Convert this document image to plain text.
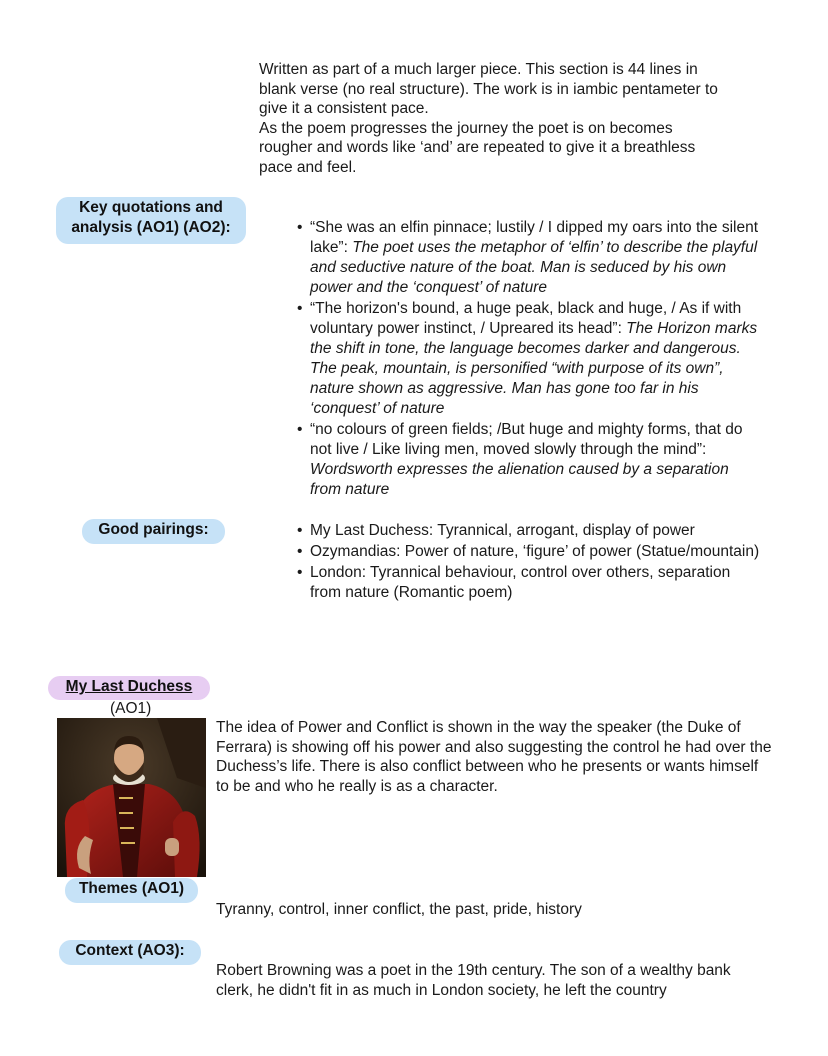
Written as part of a much larger piece. This section is 44 lines in

blank verse (no real structure). The work is in iambic pentameter to

give it a consistent pace.

As the poem progresses the journey the poet is on becomes

rougher and words like ‘and’ are repeated to give it a breathless

pace and feel.

Key quotations and
analysis (AO1) (AO2):	• “She was an elfin pinnace; lustily / I dipped my oars into the silent lake”: The poet uses the metaphor of ‘elfin’ to describe the playful and seductive nature of the boat. Man is seduced by his own power and the ‘conquest’ of nature
• “The horizon's bound, a huge peak, black and huge, / As if with voluntary power instinct, / Upreared its head”: The Horizon marks the shift in tone, the language becomes darker and dangerous. The peak, mountain, is personified “with purpose of its own”, nature shown as aggressive. Man has gone too far in his ‘conquest’ of nature
• “no colours of green fields; /But huge and mighty forms, that do not live / Like living men, moved slowly through the mind”: Wordsworth expresses the alienation caused by a separation from nature
Good pairings:	• My Last Duchess: Tyrannical, arrogant, display of power
• Ozymandias: Power of nature, ‘figure’ of power (Statue/mountain)
• London: Tyrannical behaviour, control over others, separation from nature (Romantic poem)
My Last Duchess
(AO1)
The idea of Power and Conflict is shown in the way the speaker (the Duke of Ferrara) is showing off his power and also suggesting the control he had over the Duchess’s life. There is also conflict between who he presents or wants himself to be and who he really is as a character.
Themes (AO1)
Tyranny, control, inner conflict, the past, pride, history
Context (AO3):
Robert Browning was a poet in the 19th century. The son of a wealthy bank clerk, he didn't fit in as much in London society, he left the country
